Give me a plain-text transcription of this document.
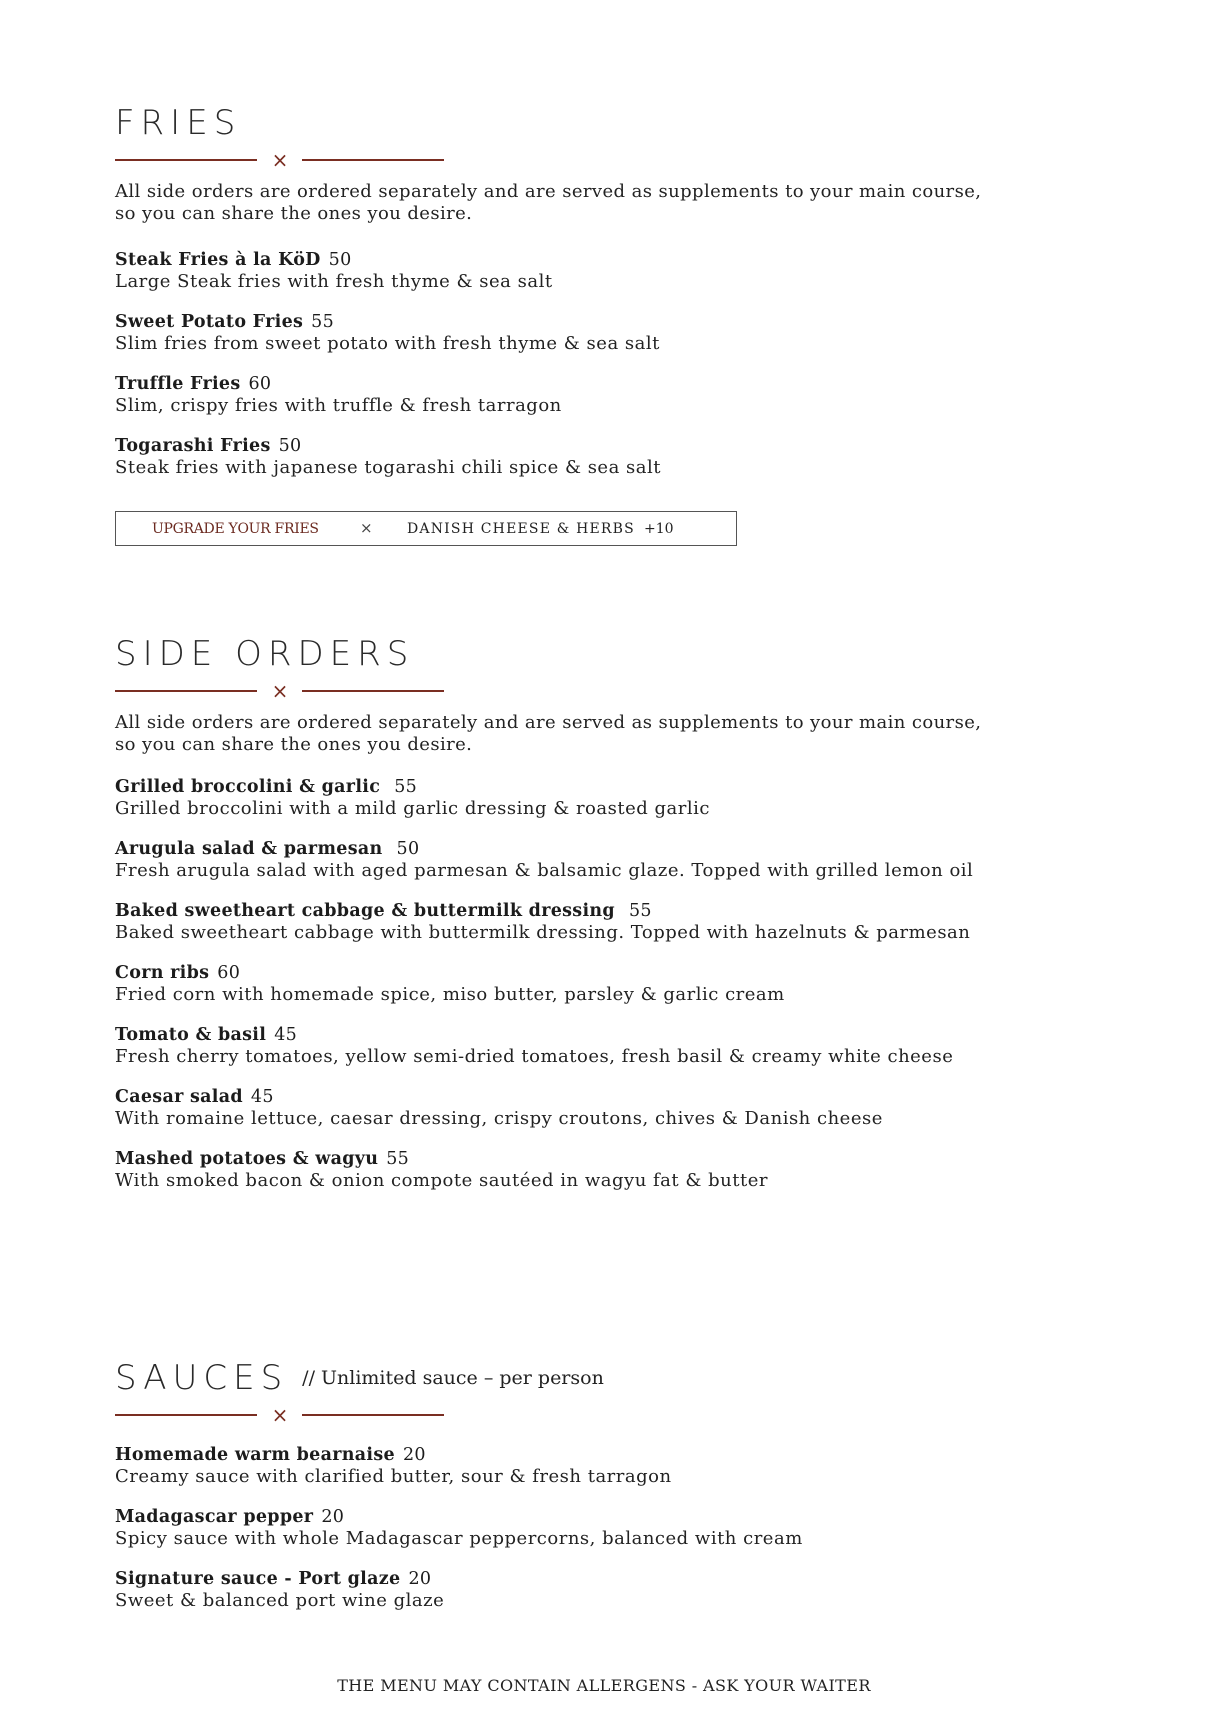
FRIES
×
All side orders are ordered separately and are served as supplements to your main course,
so you can share the ones you desire.
Steak Fries à la KöD 50
Large Steak fries with fresh thyme & sea salt
Sweet Potato Fries 55
Slim fries from sweet potato with fresh thyme & sea salt
Truffle Fries 60
Slim, crispy fries with truffle & fresh tarragon
Togarashi Fries 50
Steak fries with japanese togarashi chili spice & sea salt
UPGRADE YOUR FRIES	× DANISH CHEESE & HERBS +10
SIDE ORDERS
×
All side orders are ordered separately and are served as supplements to your main course,
so you can share the ones you desire.
Grilled broccolini & garlic 55
Grilled broccolini with a mild garlic dressing & roasted garlic
Arugula salad & parmesan 50
Fresh arugula salad with aged parmesan & balsamic glaze. Topped with grilled lemon oil
Baked sweetheart cabbage & buttermilk dressing 55
Baked sweetheart cabbage with buttermilk dressing. Topped with hazelnuts & parmesan
Corn ribs 60
Fried corn with homemade spice, miso butter, parsley & garlic cream
Tomato & basil 45
Fresh cherry tomatoes, yellow semi-dried tomatoes, fresh basil & creamy white cheese
Caesar salad 45
With romaine lettuce, caesar dressing, crispy croutons, chives & Danish cheese
Mashed potatoes & wagyu 55
With smoked bacon & onion compote sautéed in wagyu fat & butter
SAUCES $^{// Unlimited sauce - per person}$
×
Homemade warm bearnaise 20
Creamy sauce with clarified butter, sour & fresh tarragon
Madagascar pepper 20
Spicy sauce with whole Madagascar peppercorns, balanced with cream
Signature sauce - Port glaze 20
Sweet & balanced port wine glaze
THE MENU MAY CONTAIN ALLERGENS - ASK YOUR WAITER
